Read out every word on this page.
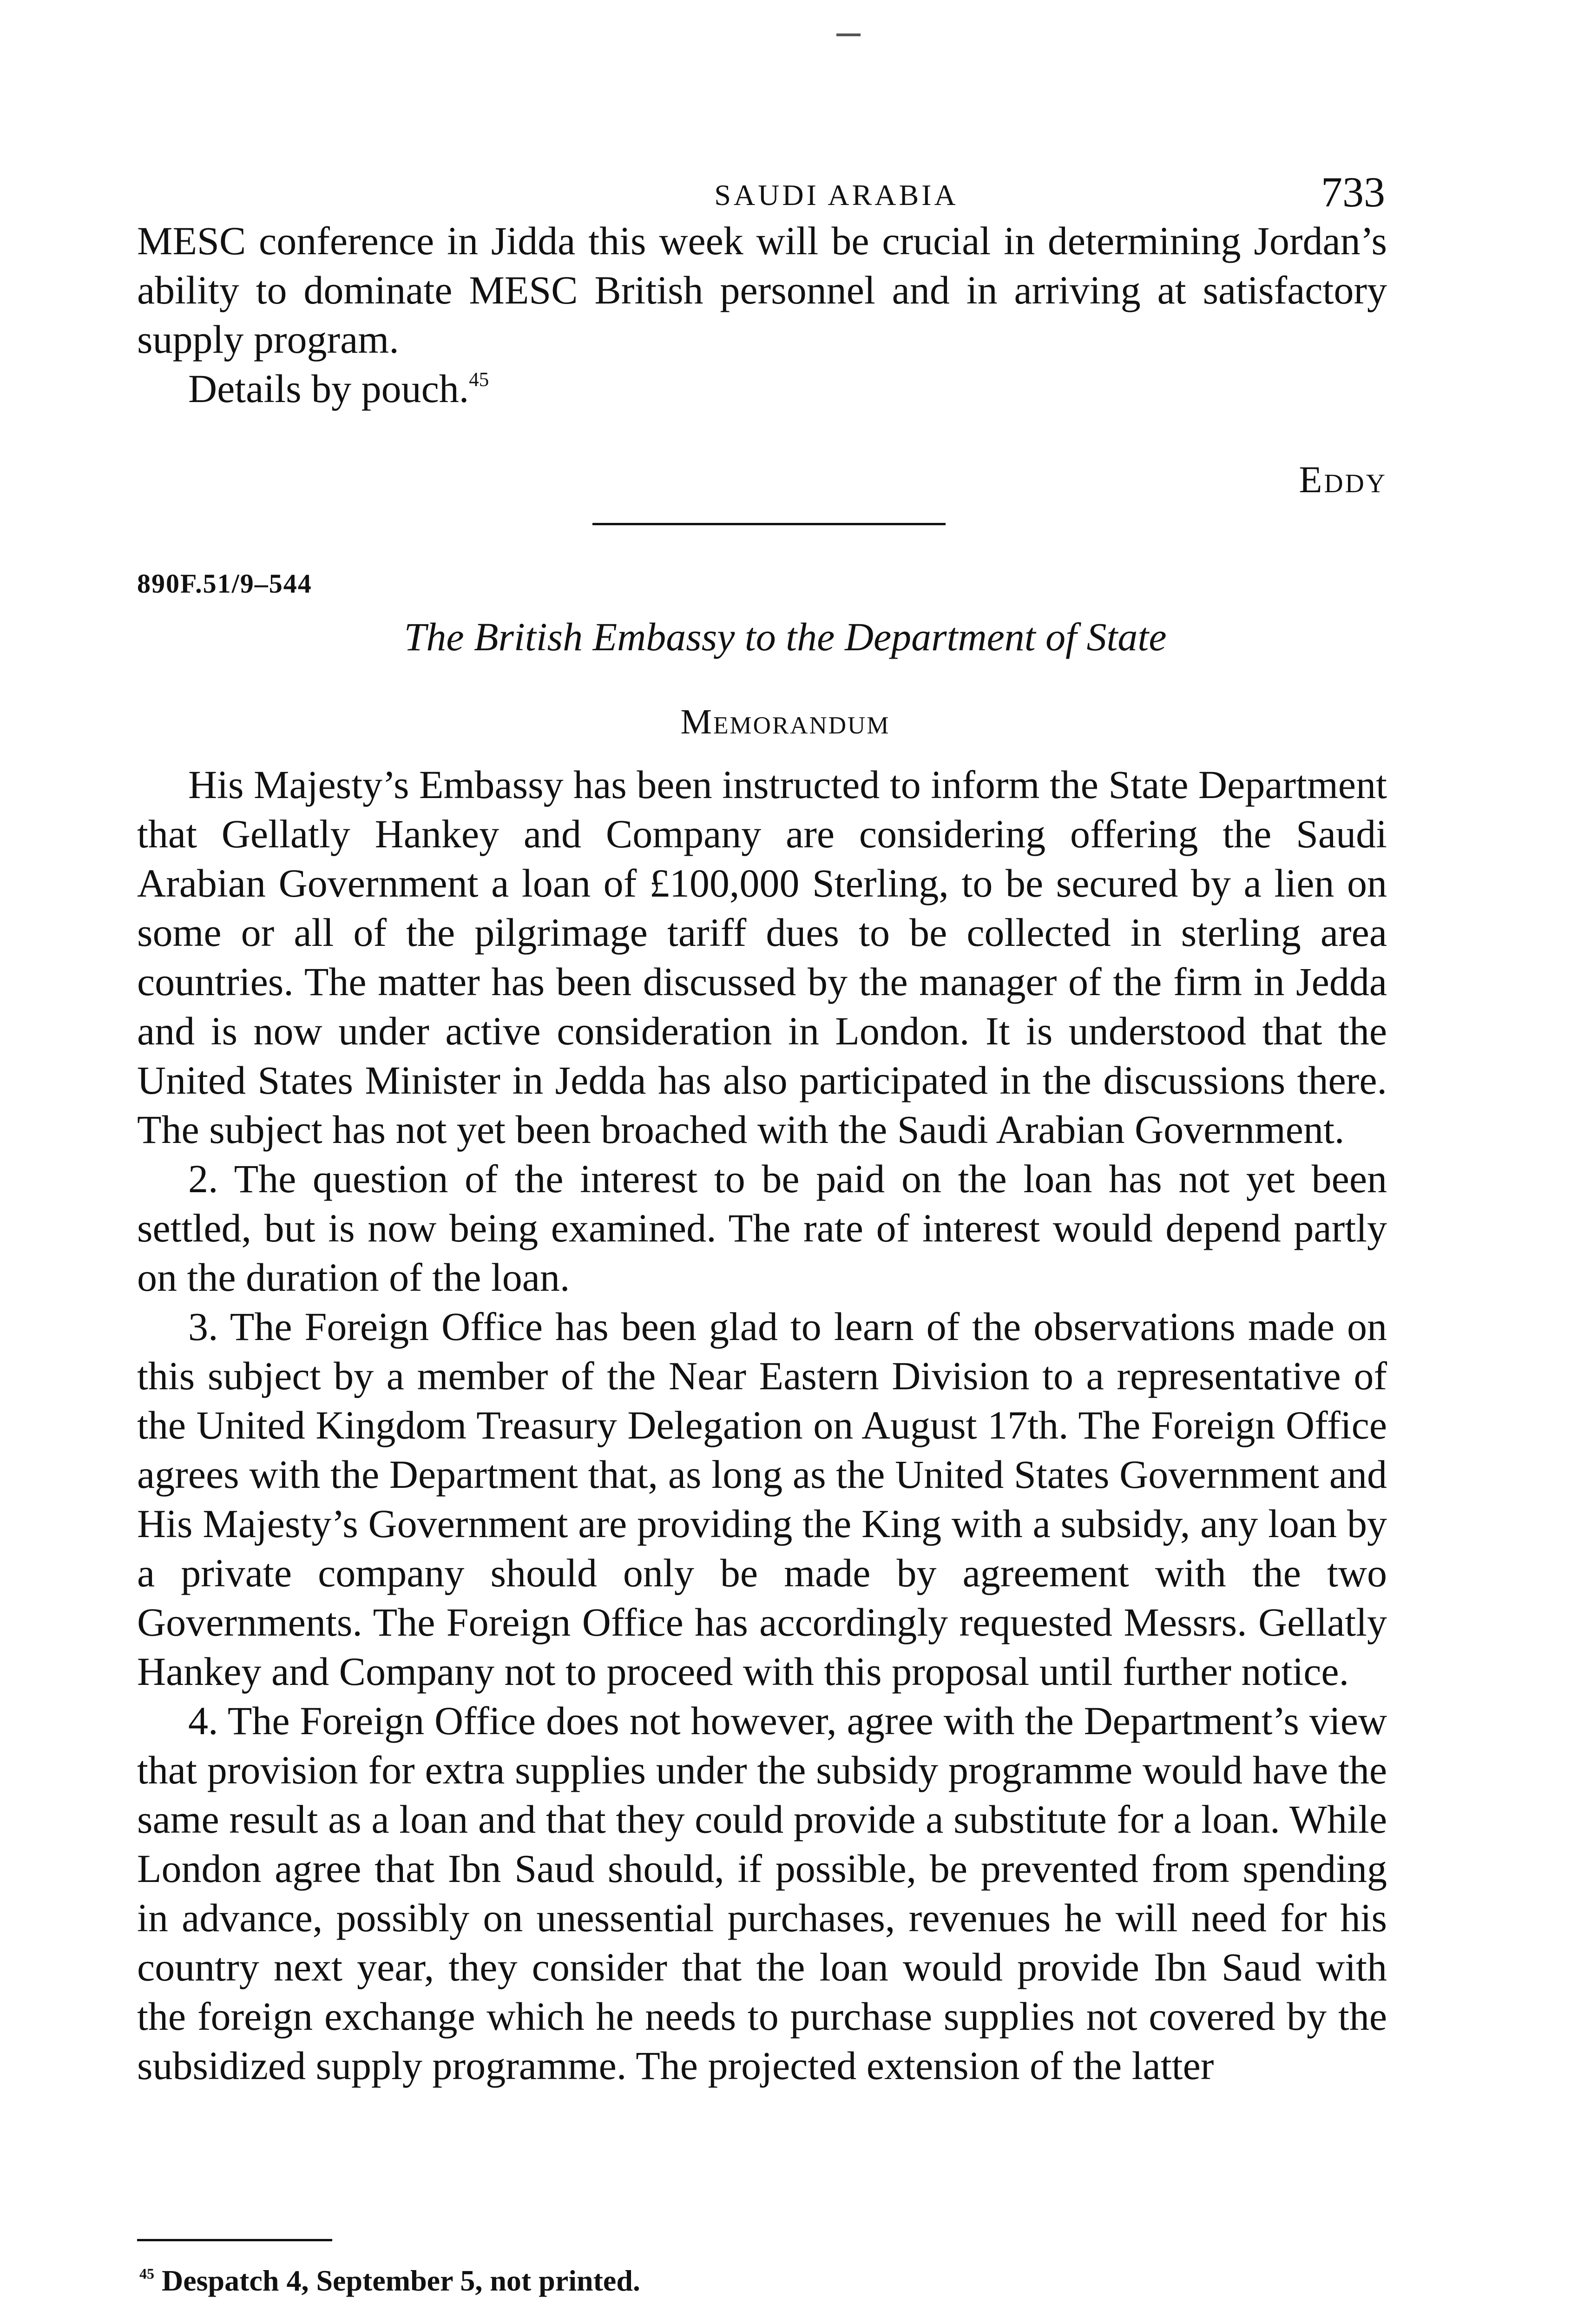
SAUDI ARABIA	733

MESC conference in Jidda this week will be crucial in determining Jordan’s ability to dominate MESC British personnel and in arriving at satisfactory supply program.

Details by pouch.$^{45}$

Eddy
890F.51/9–544
The British Embassy to the Department of State
Memorandum

His Majesty’s Embassy has been instructed to inform the State Department that Gellatly Hankey and Company are considering offering the Saudi Arabian Government a loan of £100,000 Sterling, to be secured by a lien on some or all of the pilgrimage tariff dues to be collected in sterling area countries. The matter has been discussed by the manager of the firm in Jedda and is now under active consideration in London. It is understood that the United States Minister in Jedda has also participated in the discussions there. The subject has not yet been broached with the Saudi Arabian Government.

2. The question of the interest to be paid on the loan has not yet been settled, but is now being examined. The rate of interest would depend partly on the duration of the loan.

3. The Foreign Office has been glad to learn of the observations made on this subject by a member of the Near Eastern Division to a representative of the United Kingdom Treasury Delegation on August 17th. The Foreign Office agrees with the Department that, as long as the United States Government and His Majesty’s Government are providing the King with a subsidy, any loan by a private company should only be made by agreement with the two Governments. The Foreign Office has accordingly requested Messrs. Gellatly Hankey and Company not to proceed with this proposal until further notice.

4. The Foreign Office does not however, agree with the Department’s view that provision for extra supplies under the subsidy programme would have the same result as a loan and that they could provide a substitute for a loan. While London agree that Ibn Saud should, if possible, be prevented from spending in advance, possibly on unessential purchases, revenues he will need for his country next year, they consider that the loan would provide Ibn Saud with the foreign exchange which he needs to purchase supplies not covered by the subsidized supply programme. The projected extension of the latter

$^{45}$ Despatch 4, September 5, not printed.
